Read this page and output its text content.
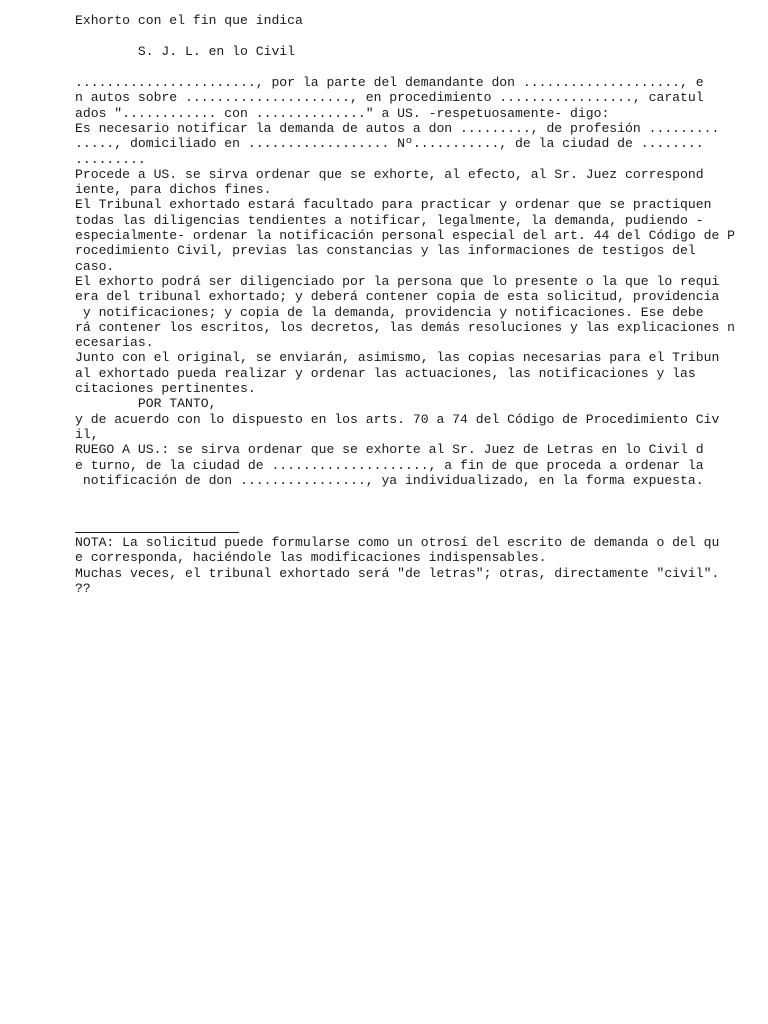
Exhorto con el fin que indica

S. J. L. en lo Civil

......................., por la parte del demandante don ...................., e

n autos sobre ....................., en procedimiento ................., caratul

ados "............ con .............." a US. -respetuosamente- digo:

Es necesario notificar la demanda de autos a don ........., de profesión .........

....., domiciliado en .................. Nº..........., de la ciudad de ........

.........

Procede a US. se sirva ordenar que se exhorte, al efecto, al Sr. Juez correspond

iente, para dichos fines.

El Tribunal exhortado estará facultado para practicar y ordenar que se practiquen

todas las diligencias tendientes a notificar, legalmente, la demanda, pudiendo -

especialmente- ordenar la notificación personal especial del art. 44 del Código de P

rocedimiento Civil, previas las constancias y las informaciones de testigos del

caso.

El exhorto podrá ser diligenciado por la persona que lo presente o la que lo requi

era del tribunal exhortado; y deberá contener copia de esta solicitud, providencia

y notificaciones; y copia de la demanda, providencia y notificaciones. Ese debe

rá contener los escritos, los decretos, las demás resoluciones y las explicaciones n

ecesarias.

Junto con el original, se enviarán, asimismo, las copias necesarias para el Tribun

al exhortado pueda realizar y ordenar las actuaciones, las notificaciones y las

citaciones pertinentes.

POR TANTO,

y de acuerdo con lo dispuesto en los arts. 70 a 74 del Código de Procedimiento Civ

il,

RUEGO A US.: se sirva ordenar que se exhorte al Sr. Juez de Letras en lo Civil d

e turno, de la ciudad de ...................., a fin de que proceda a ordenar la

notificación de don ................, ya individualizado, en la forma expuesta.

NOTA: La solicitud puede formularse como un otrosí del escrito de demanda o del qu

e corresponda, haciéndole las modificaciones indispensables.

Muchas veces, el tribunal exhortado será "de letras"; otras, directamente "civil".

??
